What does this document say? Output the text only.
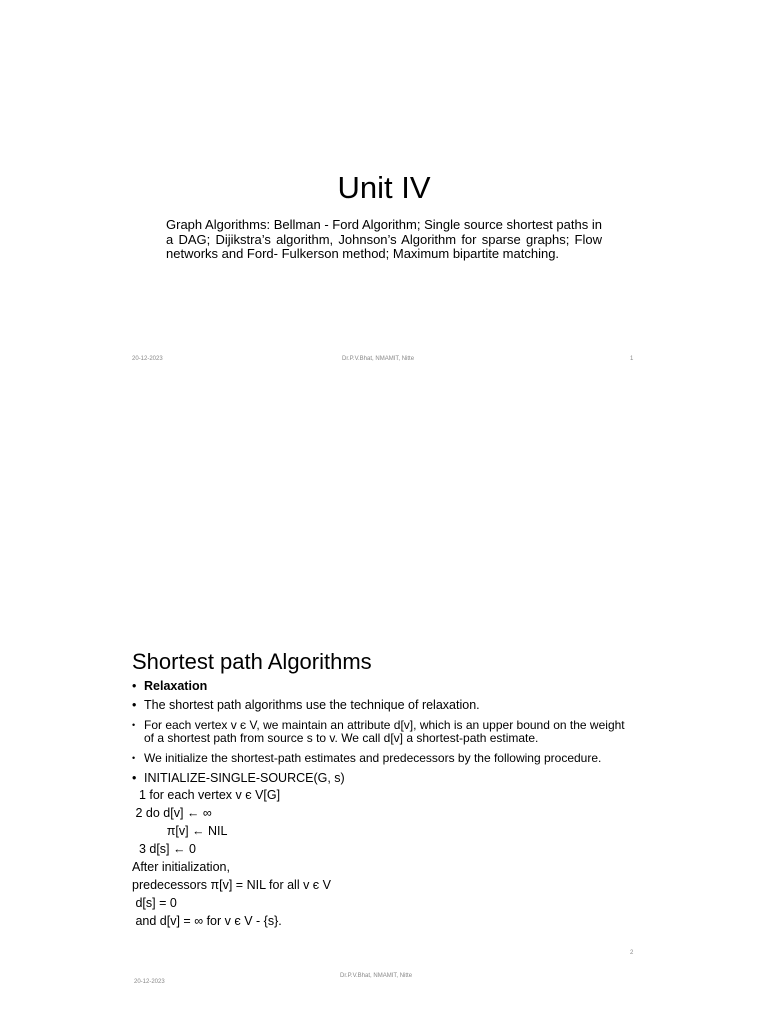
Unit IV
Graph Algorithms: Bellman - Ford Algorithm; Single source shortest paths in a DAG; Dijikstra’s algorithm, Johnson’s Algorithm for sparse graphs; Flow networks and Ford- Fulkerson method; Maximum bipartite matching.
20-12-2023	Dr.P.V.Bhat, NMAMIT, Nitte	1
Shortest path Algorithms
• Relaxation
• The shortest path algorithms use the technique of relaxation.
• For each vertex v є V, we maintain an attribute d[v], which is an upper bound on the weight of a shortest path from source s to v. We call d[v] a shortest-path estimate.
• We initialize the shortest-path estimates and predecessors by the following procedure.
• INITIALIZE-SINGLE-SOURCE(G, s)

1 for each vertex v є V[G]

2 do d[v] ← ∞

π[v] ← NIL

3 d[s] ← 0

After initialization,

predecessors π[v] = NIL for all v є V

d[s] = 0

and d[v] = ∞ for v є V - {s}.

2
20-12-2023
Dr.P.V.Bhat, NMAMIT, Nitte
